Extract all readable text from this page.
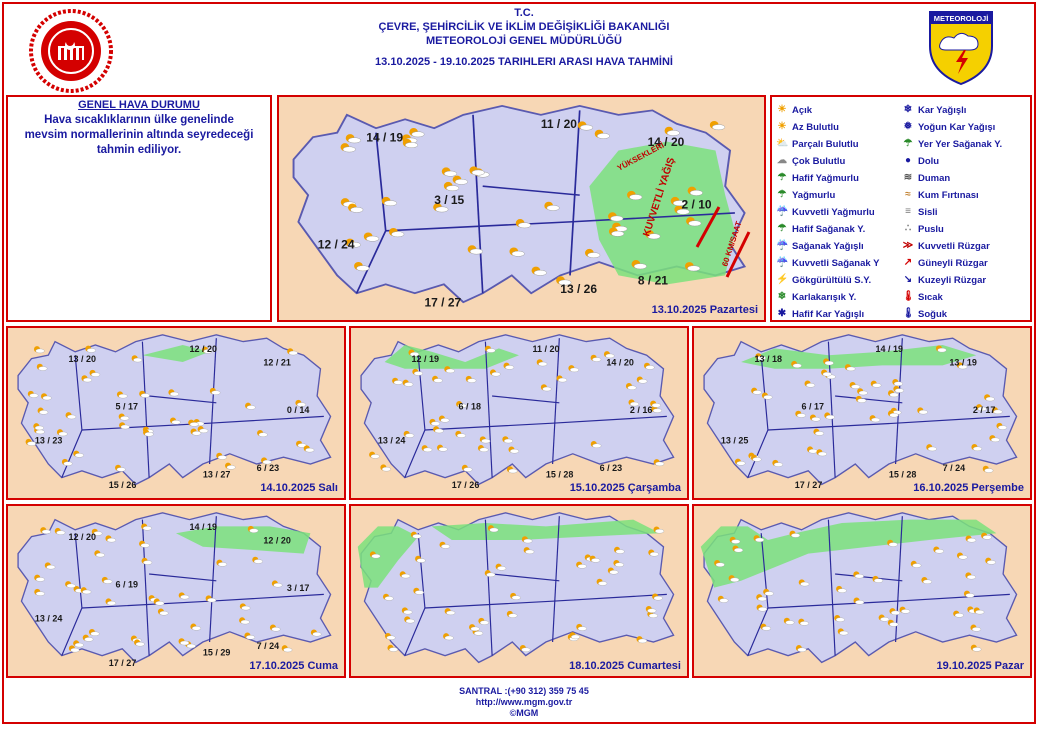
T.C.
ÇEVRE, ŞEHİRCİLİK VE İKLİM DEĞİŞİKLİĞİ BAKANLIĞI
METEOROLOJİ GENEL MÜDÜRLÜĞÜ
13.10.2025 - 19.10.2025 TARIHLERI ARASI HAVA TAHMİNİ
METEOROLOJİ
GENEL HAVA DURUMU
Hava sıcaklıklarının ülke genelinde mevsim normallerinin altında seyredeceği tahmin ediliyor.
14 / 19
11 / 20
14 / 20
3 / 15	2 / 10
12 / 24
8 / 21
17 / 27
13 / 26
YÜKSEKLERİ
KUVVETLİ YAĞIŞ
60 KM/SAAT
13.10.2025 Pazartesi
☀ Açık	❄ Kar Yağışlı
☀ Az Bulutlu	❅ Yoğun Kar Yağışı
⛅ Parçalı Bulutlu	☂ Yer Yer Sağanak Y.
☁ Çok Bulutlu	● Dolu
☂ Hafif Yağmurlu	≋ Duman
☂ Yağmurlu	≈ Kum Fırtınası
☔ Kuvvetli Yağmurlu	≡ Sisli
☂ Hafif Sağanak Y.	∴ Puslu
☔ Sağanak Yağışlı	≫ Kuvvetli Rüzgar
☔ Kuvvetli Sağanak Y ↗ Güneyli Rüzgar
⚡ Gökgürültülü S.Y.	↘ Kuzeyli Rüzgar
❄ Karlakarışık Y.	🌡 Sıcak
✱ Hafif Kar Yağışlı	🌡 Soğuk
13 / 20
12 / 20
12 / 21
5 / 17	0 / 14
13 / 23
6 / 23
15 / 26
13 / 27
14.10.2025 Salı
12 / 19
11 / 20
14 / 20
6 / 18	2 / 16
13 / 24
6 / 23
17 / 26
15 / 28
15.10.2025 Çarşamba
13 / 18
14 / 19
13 / 19
6 / 17	2 / 17
13 / 25
7 / 24
17 / 27
15 / 28
16.10.2025 Perşembe
12 / 20
14 / 19
12 / 20
6 / 19	3 / 17
13 / 24
7 / 24
17 / 27
15 / 29
17.10.2025 Cuma	18.10.2025 Cumartesi	19.10.2025 Pazar
SANTRAL :(+90 312) 359 75 45
http://www.mgm.gov.tr
©MGM
